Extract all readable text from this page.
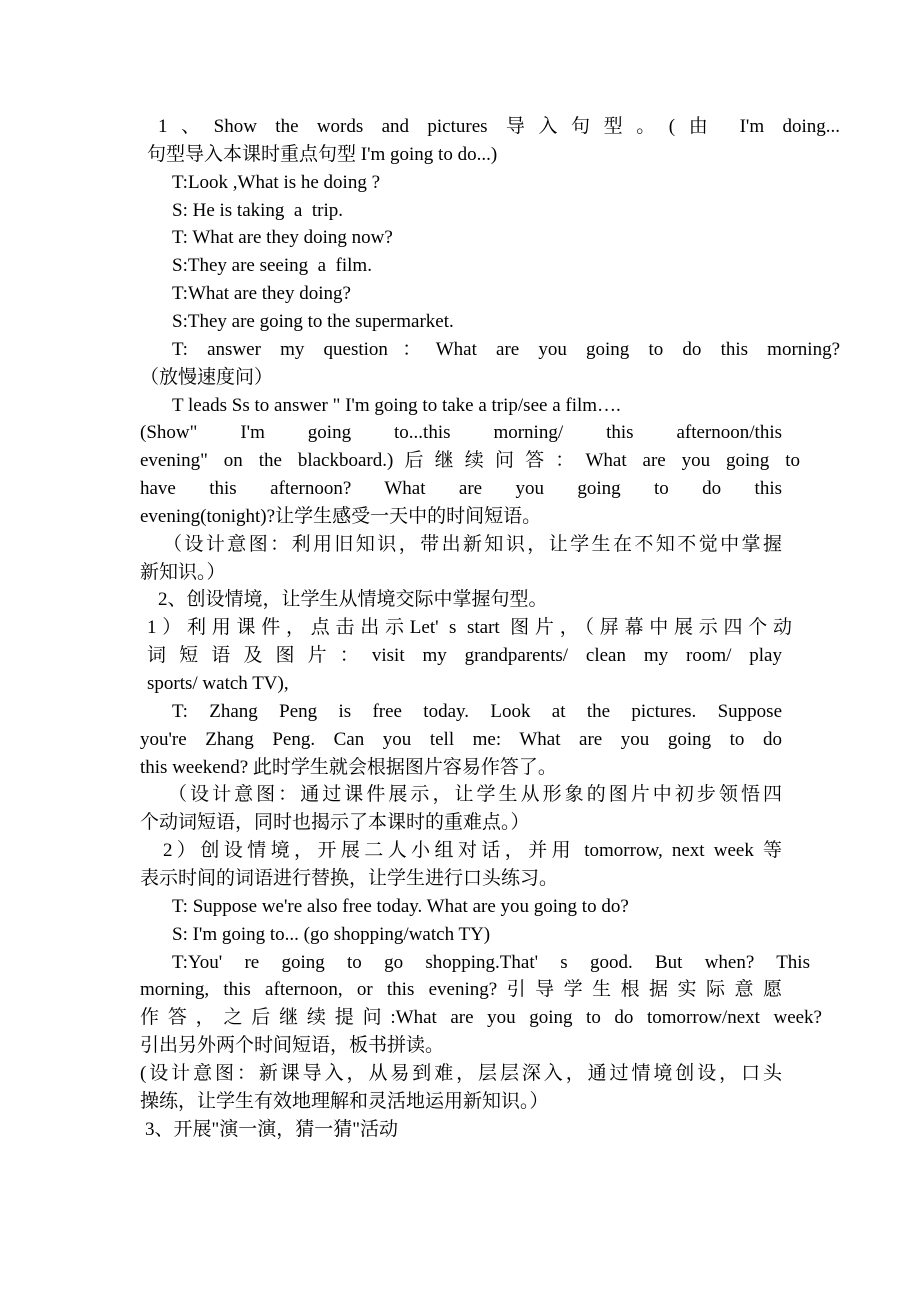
1、Show the words and pictures 导入句型。(由 I'm doing...
句型导入本课时重点句型 I'm going to do...)
T:Look ,What is he doing ?
S: He is taking  a  trip.
T: What are they doing now?
S:They are seeing  a  film.
T:What are they doing?
S:They are going to the supermarket.
T: answer my question：What are you going to do this morning?
（放慢速度问）
T leads Ss to answer " I'm going to take a trip/see a film….
(Show" I'm going to...this morning/ this afternoon/this
evening" on the blackboard.)后继续问答：What are you going to
have this afternoon? What are you going to do this
evening(tonight)?让学生感受一天中的时间短语。
（设计意图：利用旧知识，带出新知识，让学生在不知不觉中掌握
新知识。）
2、创设情境，让学生从情境交际中掌握句型。
1）利用课件，点击出示Let' s start 图片，（屏幕中展示四个动
词短语及图片：visit my grandparents/ clean my room/ play
sports/ watch TV),
T: Zhang Peng is free today. Look at the pictures. Suppose
you're Zhang Peng. Can you tell me: What are you going to do
this weekend? 此时学生就会根据图片容易作答了。
（设计意图：通过课件展示，让学生从形象的图片中初步领悟四
个动词短语，同时也揭示了本课时的重难点。）
2）创设情境，开展二人小组对话，并用 tomorrow, next week 等
表示时间的词语进行替换，让学生进行口头练习。
T: Suppose we're also free today. What are you going to do?
S: I'm going to... (go shopping/watch TY)
T:You' re going to go shopping.That' s good. But when? This
morning, this afternoon, or this evening?引导学生根据实际意愿
作答，之后继续提问:What are you going to do tomorrow/next week?
引出另外两个时间短语，板书拼读。
(设计意图：新课导入，从易到难，层层深入，通过情境创设，口头
操练，让学生有效地理解和灵活地运用新知识。）
3、开展"演一演，猜一猜"活动
